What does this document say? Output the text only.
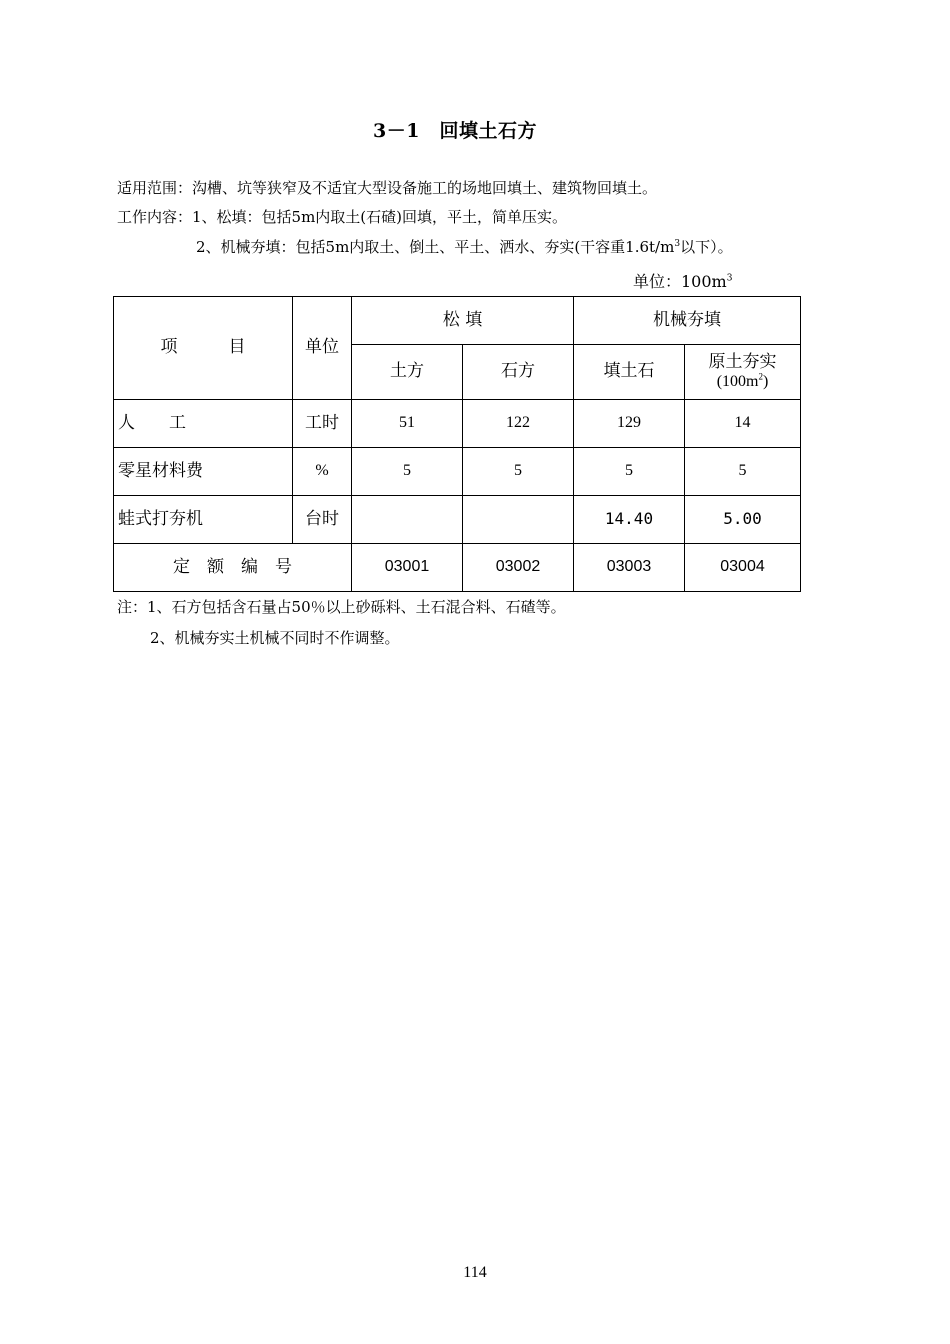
3－1　回填土石方
适用范围：沟槽、坑等狭窄及不适宜大型设备施工的场地回填土、建筑物回填土。
工作内容：1、松填：包括5m内取土(石碴)回填，平土，简单压实。
2、机械夯填：包括5m内取土、倒土、平土、洒水、夯实(干容重$1.6t/m^3$以下）。
单位：$100m^3$
项　　　目	单位	松 填		机械夯填	
		土方	石方	填土石	原土夯实
$(100m^2)$

人　　工	工时	51	122	129	14
零星材料费	%	5	5	5	5
蛙式打夯机	台时			14.40	5.00
定　额　编　号		03001	03002	03003	03004
注：1、石方包括含石量占50％以上砂砾料、土石混合料、石碴等。
2、机械夯实土机械不同时不作调整。
114
